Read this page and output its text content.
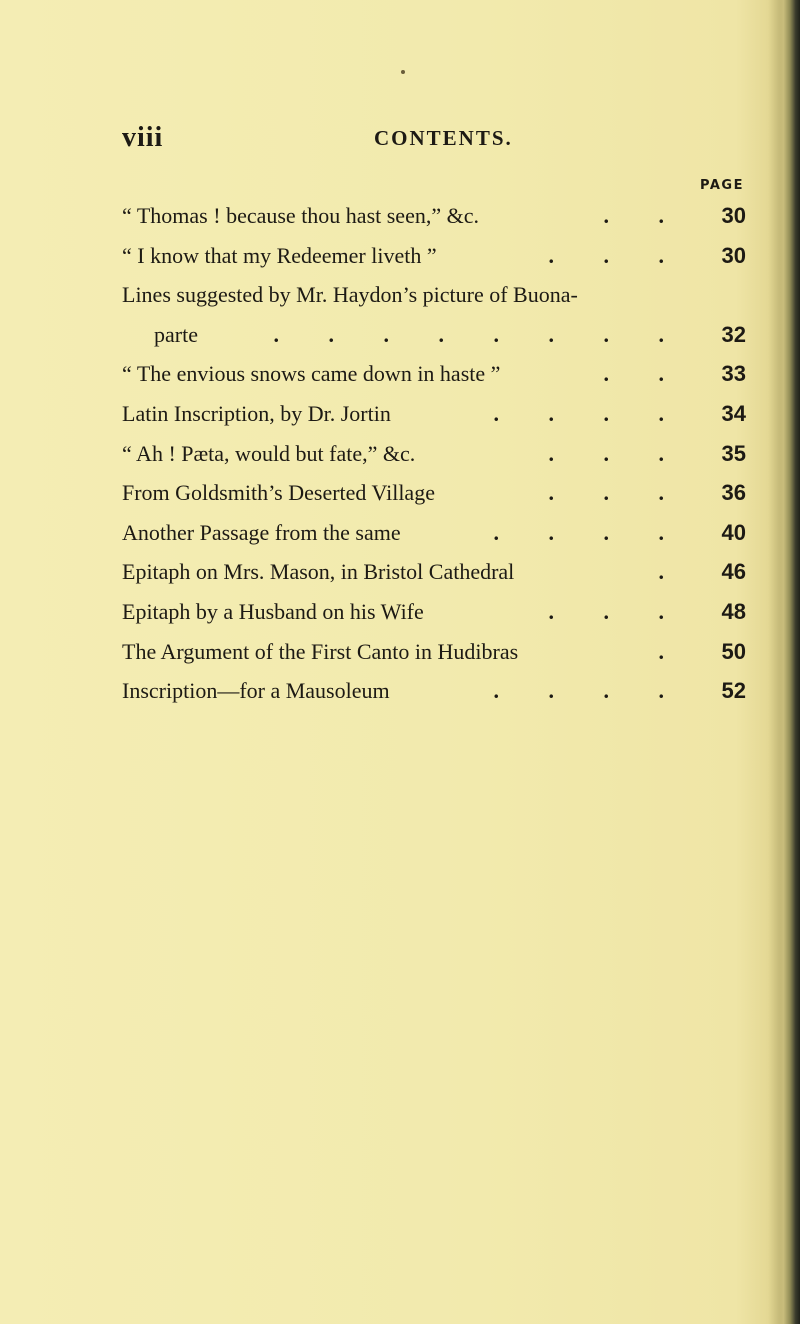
viii	CONTENTS.
PAGE
“ Thomas ! because thou hast seen,” &c.	. .	30
“ I know that my Redeemer liveth ”	. . .	30
Lines suggested by Mr. Haydon’s picture of Buona-
parte	. . . . . . . .	32
“ The envious snows came down in haste ”	. .	33
Latin Inscription, by Dr. Jortin	. . . .	34
“ Ah ! Pæta, would but fate,” &c.	. . .	35
From Goldsmith’s Deserted Village	. . .	36
Another Passage from the same	. . . .	40
Epitaph on Mrs. Mason, in Bristol Cathedral	.	46
Epitaph by a Husband on his Wife	. . .	48
The Argument of the First Canto in Hudibras	.	50
Inscription—for a Mausoleum	. . . .	52
